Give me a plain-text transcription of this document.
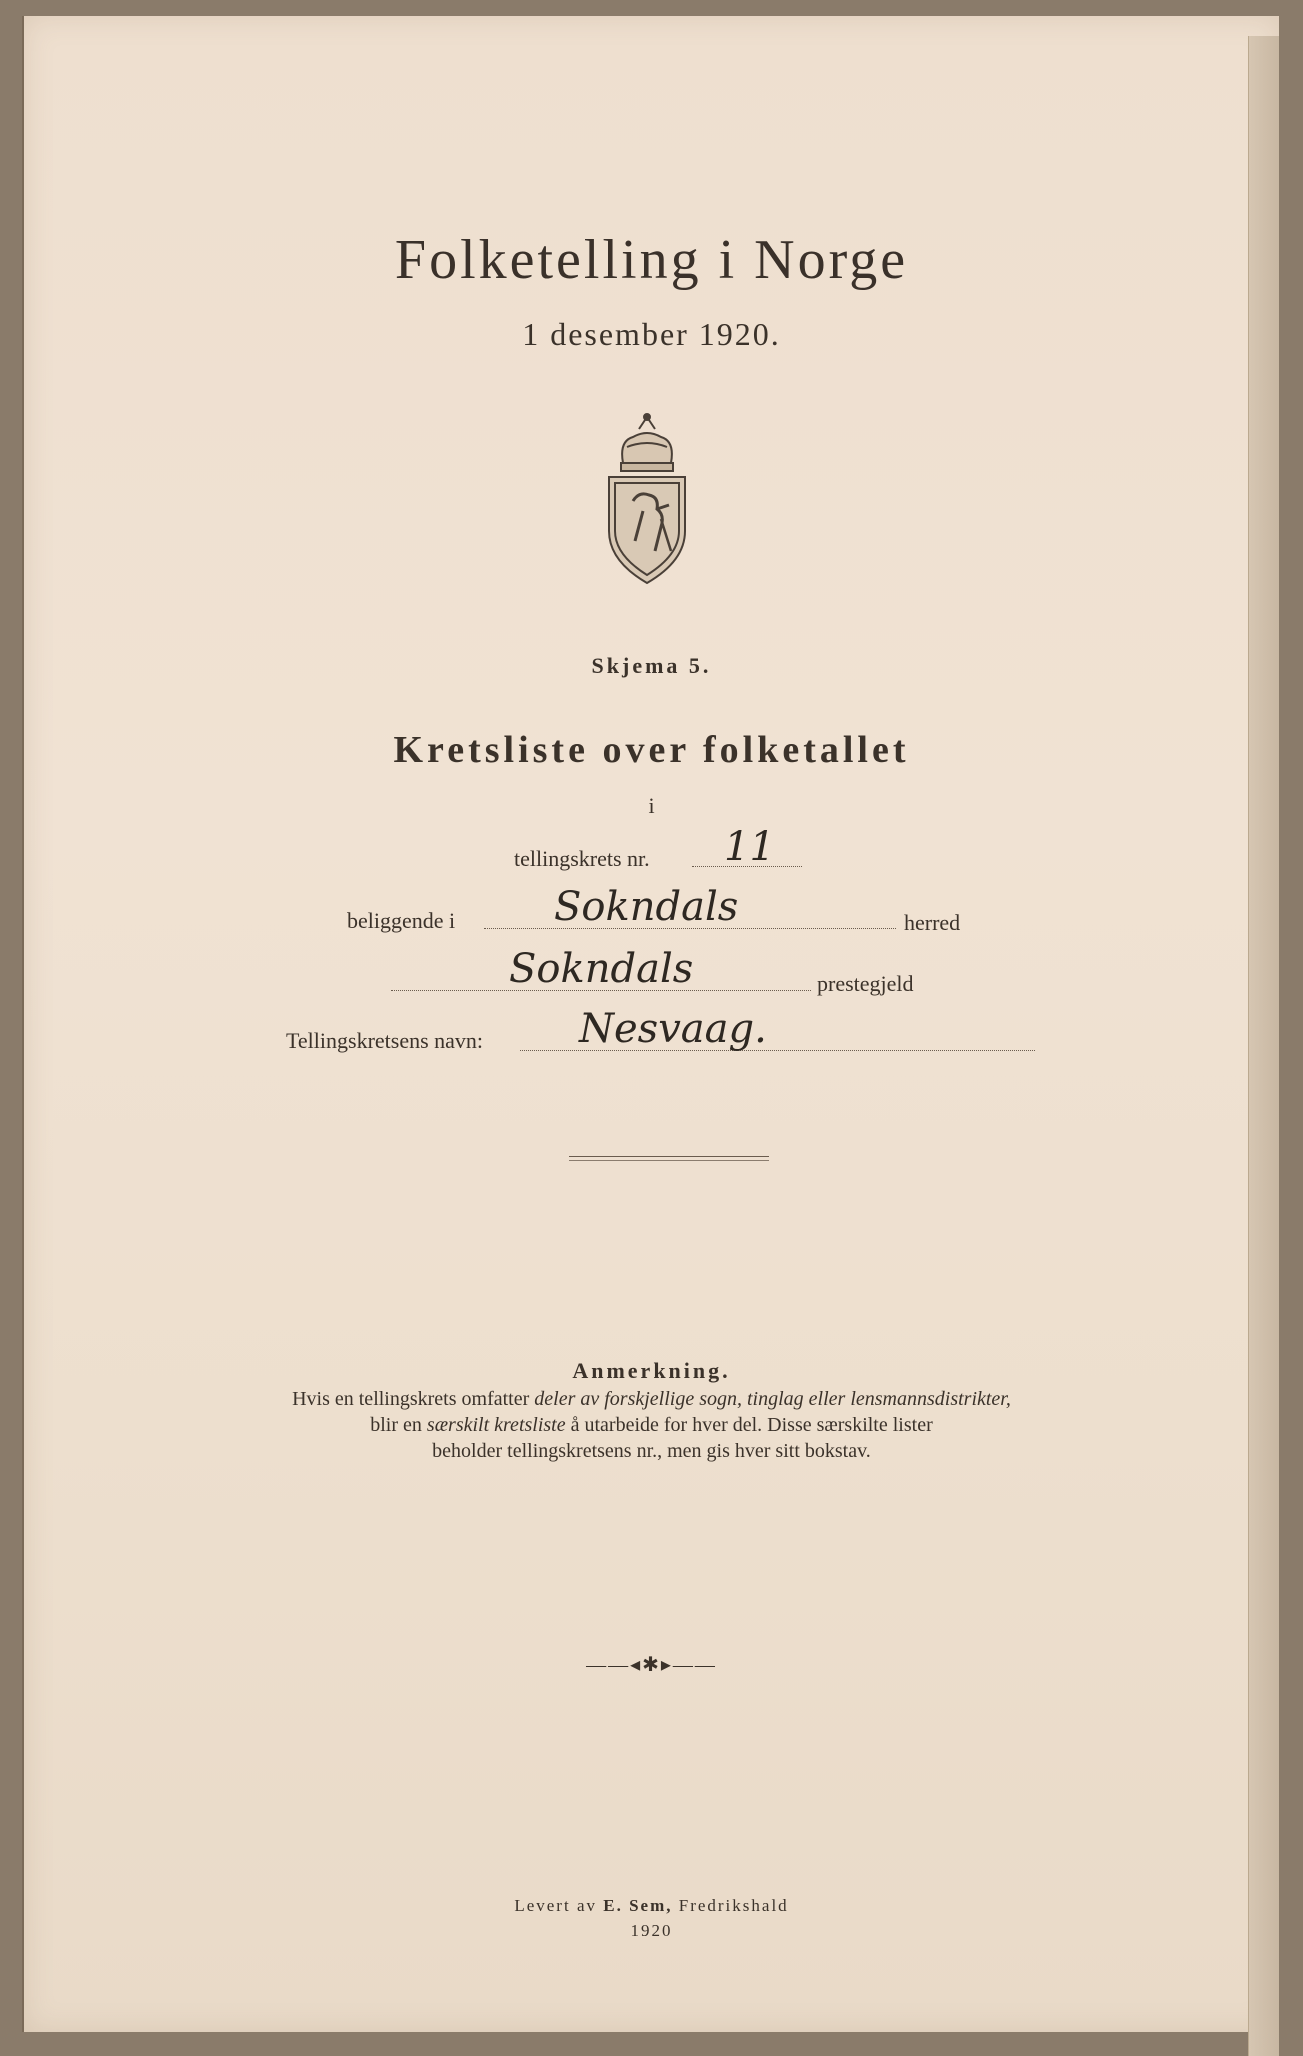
Folketelling i Norge
1 desember 1920.
Skjema 5.
Kretsliste over folketallet
i
tellingskrets nr. 11
beliggende i Sokndals	herred
Sokndals	prestegjeld
Tellingskretsens navn: Nesvaag.
Anmerkning.
Hvis en tellingskrets omfatter deler av forskjellige sogn, tinglag eller lensmannsdistrikter,
blir en særskilt kretsliste å utarbeide for hver del. Disse særskilte lister
beholder tellingskretsens nr., men gis hver sitt bokstav.
——◂✱▸——
Levert av E. Sem, Fredrikshald
1920
